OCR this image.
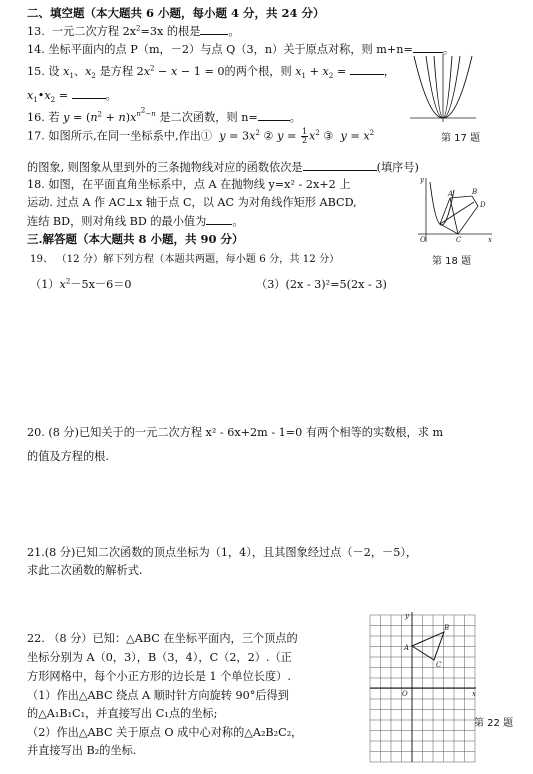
二、填空题（本大题共 6 小题，每小题 4 分，共 24 分）
13. 一元二次方程 $2x^2=3x$ 的根是	。
14. 坐标平面内的点 P（m，－2）与点 Q（3，n）关于原点对称，则 m+n=	。
15. 设 $x_1$、$x_2$ 是方程 $2x^2 - x - 1 = 0$的两个根，则 $x_1 + x_2$ =	，
$x_1•x_2$ =	。
16. 若 $y = (n^2 + n)x^{n^2-n}$ 是二次函数，则 n=	。
17. 如图所示,在同一坐标系中,作出① $y = 3x^2$ ② $y = \frac{1}{2} x^2$ ③ $y = x^2$
第 17 题
的图象, 则图象从里到外的三条抛物线对应的函数依次是	(填序号)
18. 如图，在平面直角坐标系中，点 A 在抛物线 y=x² - 2x+2 上
运动. 过点 A 作 AC⊥x 轴于点 C，以 AC 为对角线作矩形 ABCD,
连结 BD，则对角线 BD 的最小值为 。
y
x
A	B
D
C
O
三.解答题（本大题共 8 小题，共 90 分）
第 18 题
19、 （12 分）解下列方程（本题共两题，每小题 6 分，共 12 分）
$(1)x^2-5x-6=0$	（3）(2x - 3)²=5(2x - 3)
20. (8 分)已知关于的一元二次方程 x² - 6x+2m - 1=0 有两个相等的实数根，求 m
的值及方程的根.
21.(8 分)已知二次函数的顶点坐标为（1，4），且其图象经过点（－2，－5），
求此二次函数的解析式.
22. （8 分）已知：△ABC 在坐标平面内，三个顶点的
坐标分别为 A（0，3），B（3，4），C（2，2）.（正
方形网格中，每个小正方形的边长是 1 个单位长度）.
（1）作出△ABC 绕点 A 顺时针方向旋转 90°后得到
的△A₁B₁C₁，并直接写出 C₁点的坐标;
（2）作出△ABC 关于原点 O 成中心对称的△A₂B₂C₂，
并直接写出 B₂的坐标.
第 22 题
y
x
A
B
C
O
